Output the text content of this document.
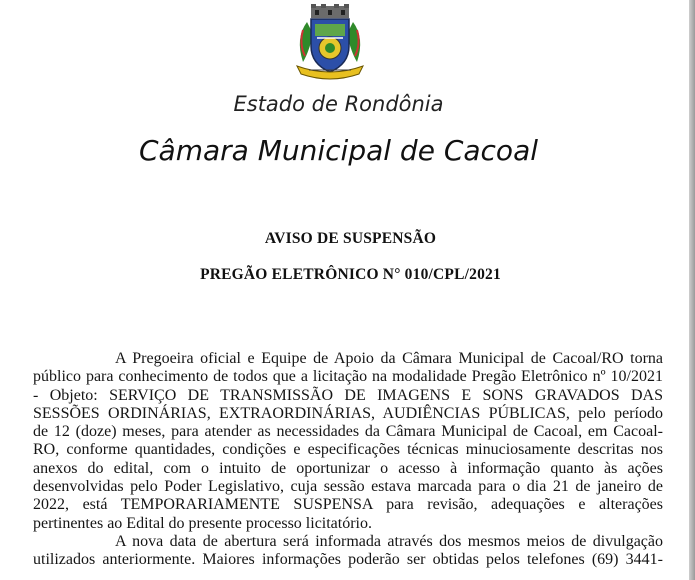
Estado de Rondônia
Câmara Municipal de Cacoal
AVISO DE SUSPENSÃO
PREGÃO ELETRÔNICO N° 010/CPL/2021
A Pregoeira oficial e Equipe de Apoio da Câmara Municipal de Cacoal/RO torna
público para conhecimento de todos que a licitação na modalidade Pregão Eletrônico nº 10/2021
- Objeto: SERVIÇO DE TRANSMISSÃO DE IMAGENS E SONS GRAVADOS DAS
SESSÕES ORDINÁRIAS, EXTRAORDINÁRIAS, AUDIÊNCIAS PÚBLICAS, pelo período
de 12 (doze) meses, para atender as necessidades da Câmara Municipal de Cacoal, em Cacoal-
RO, conforme quantidades, condições e especificações técnicas minuciosamente descritas nos
anexos do edital, com o intuito de oportunizar o acesso à informação quanto às ações
desenvolvidas pelo Poder Legislativo, cuja sessão estava marcada para o dia 21 de janeiro de
2022, está TEMPORARIAMENTE SUSPENSA para revisão, adequações e alterações
pertinentes ao Edital do presente processo licitatório.
A nova data de abertura será informada através dos mesmos meios de divulgação
utilizados anteriormente. Maiores informações poderão ser obtidas pelos telefones (69) 3441-
